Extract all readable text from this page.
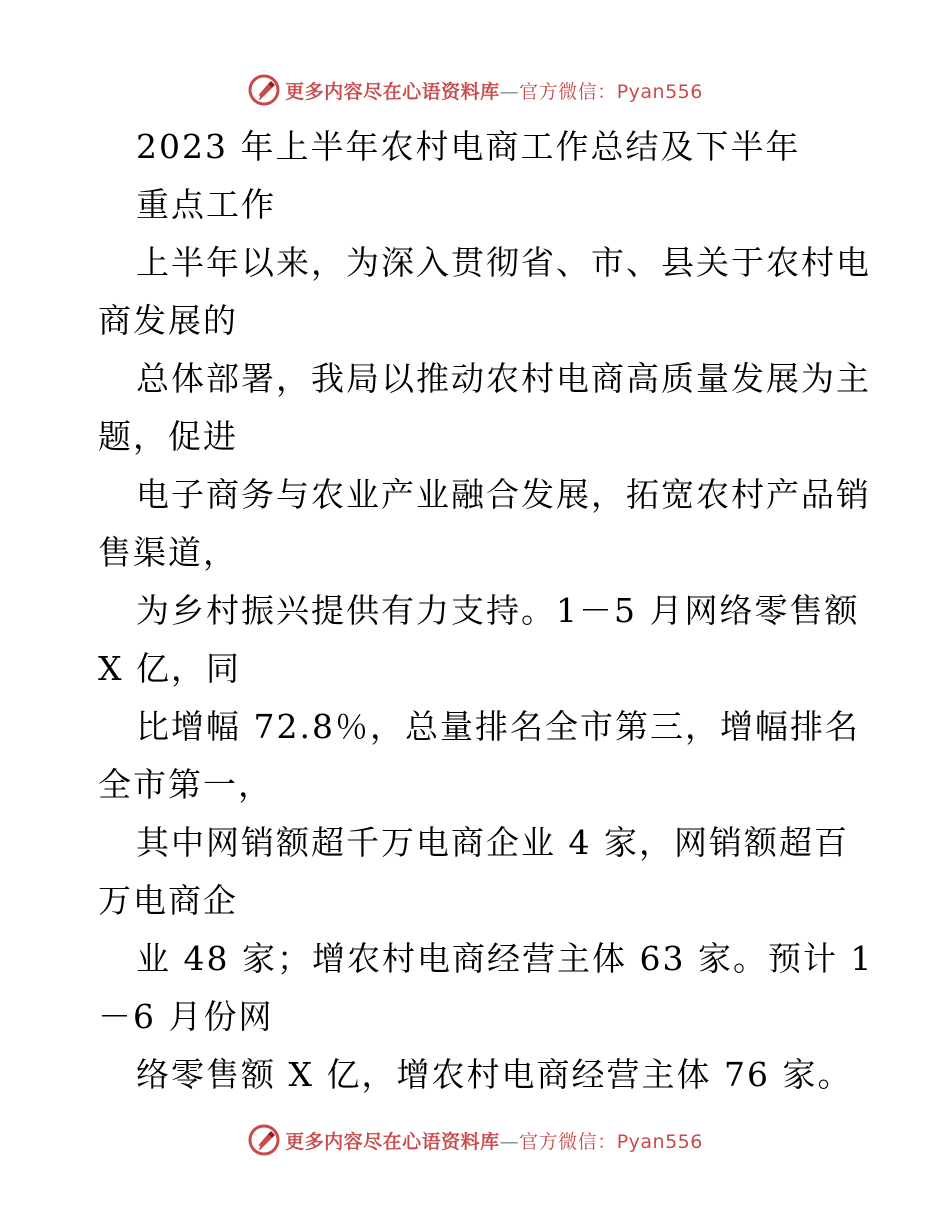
更多内容尽在心语资料库—官方微信：Pyan556
2023 年上半年农村电商工作总结及下半年
重点工作
上半年以来，为深入贯彻省、市、县关于农村电
商发展的
总体部署，我局以推动农村电商高质量发展为主
题，促进
电子商务与农业产业融合发展，拓宽农村产品销
售渠道，
为乡村振兴提供有力支持。1－5 月网络零售额
X 亿，同
比增幅 72.8％，总量排名全市第三，增幅排名
全市第一，
其中网销额超千万电商企业 4 家，网销额超百
万电商企
业 48 家；增农村电商经营主体 63 家。预计 1
－6 月份网
络零售额 X 亿，增农村电商经营主体 76 家。
更多内容尽在心语资料库—官方微信：Pyan556
